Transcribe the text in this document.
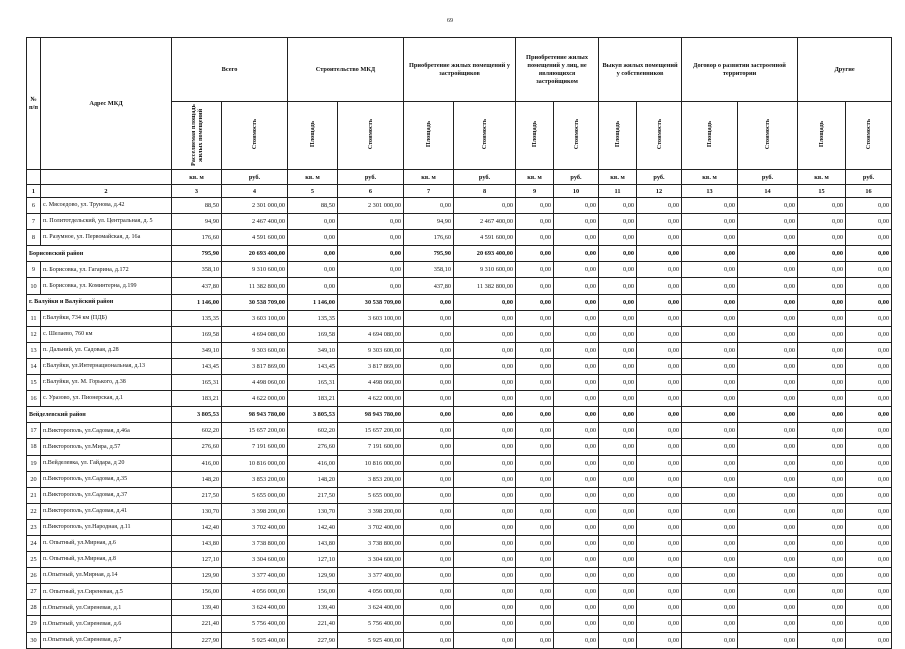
69
№ п/п	Адрес МКД	Всего		Строительство МКД		Приобретение жилых помещений у застройщиков		Приобретение жилых помещений у лиц, не являющихся застройщиком		Выкуп жилых помещений у собственников		Договор о развитии застроенной территории		Другие	
		Расселяемая площадь жилых помещений	Стоимость	Площадь	Стоимость	Площадь	Стоимость	Площадь	Стоимость	Площадь	Стоимость	Площадь	Стоимость	Площадь	Стоимость
		кв. м	руб.	кв. м	руб.	кв. м	руб.	кв. м	руб.	кв. м	руб.	кв. м	руб.	кв. м	руб.
1	2	3	4	5	6	7	8	9	10	11	12	13	14	15	16
6	с. Мясоедово, ул. Трунова, д.42	88,50	2 301 000,00	88,50	2 301 000,00	0,00	0,00	0,00	0,00	0,00	0,00	0,00	0,00	0,00	0,00
7	п. Политотдельский, ул. Центральная, д. 5	94,90	2 467 400,00	0,00	0,00	94,90	2 467 400,00	0,00	0,00	0,00	0,00	0,00	0,00	0,00	0,00
8	п. Разумное, ул. Первомайская, д. 16а	176,60	4 591 600,00	0,00	0,00	176,60	4 591 600,00	0,00	0,00	0,00	0,00	0,00	0,00	0,00	0,00
Борисовский район		795,90	20 693 400,00	0,00	0,00	795,90	20 693 400,00	0,00	0,00	0,00	0,00	0,00	0,00	0,00	0,00
9	п. Борисовка, ул. Гагарина, д.172	358,10	9 310 600,00	0,00	0,00	358,10	9 310 600,00	0,00	0,00	0,00	0,00	0,00	0,00	0,00	0,00
10	п. Борисовка, ул. Коминтерна, д.199	437,80	11 382 800,00	0,00	0,00	437,80	11 382 800,00	0,00	0,00	0,00	0,00	0,00	0,00	0,00	0,00
г. Валуйки и Валуйский район		1 146,00	30 538 709,00	1 146,00	30 538 709,00	0,00	0,00	0,00	0,00	0,00	0,00	0,00	0,00	0,00	0,00
11	г.Валуйки, 734 км (ПДБ)	135,35	3 603 100,00	135,35	3 603 100,00	0,00	0,00	0,00	0,00	0,00	0,00	0,00	0,00	0,00	0,00
12	с. Шелаево, 760 км	169,58	4 694 080,00	169,58	4 694 080,00	0,00	0,00	0,00	0,00	0,00	0,00	0,00	0,00	0,00	0,00
13	п. Дальний, ул. Садовая, д.28	349,10	9 303 600,00	349,10	9 303 600,00	0,00	0,00	0,00	0,00	0,00	0,00	0,00	0,00	0,00	0,00
14	г.Валуйки, ул.Интернациональная, д.13	143,45	3 817 869,00	143,45	3 817 869,00	0,00	0,00	0,00	0,00	0,00	0,00	0,00	0,00	0,00	0,00
15	г.Валуйки, ул. М. Горького, д.38	165,31	4 498 060,00	165,31	4 498 060,00	0,00	0,00	0,00	0,00	0,00	0,00	0,00	0,00	0,00	0,00
16	с. Уразово, ул. Пионерская, д.1	183,21	4 622 000,00	183,21	4 622 000,00	0,00	0,00	0,00	0,00	0,00	0,00	0,00	0,00	0,00	0,00
Вейделевский район		3 805,53	98 943 780,00	3 805,53	98 943 780,00	0,00	0,00	0,00	0,00	0,00	0,00	0,00	0,00	0,00	0,00
17	п.Викторополь, ул.Садовая, д.46а	602,20	15 657 200,00	602,20	15 657 200,00	0,00	0,00	0,00	0,00	0,00	0,00	0,00	0,00	0,00	0,00
18	п.Викторополь, ул.Мира, д.57	276,60	7 191 600,00	276,60	7 191 600,00	0,00	0,00	0,00	0,00	0,00	0,00	0,00	0,00	0,00	0,00
19	п.Вейделевка, ул. Гайдара, д 20	416,00	10 816 000,00	416,00	10 816 000,00	0,00	0,00	0,00	0,00	0,00	0,00	0,00	0,00	0,00	0,00
20	п.Викторополь, ул.Садовая, д.35	148,20	3 853 200,00	148,20	3 853 200,00	0,00	0,00	0,00	0,00	0,00	0,00	0,00	0,00	0,00	0,00
21	п.Викторополь, ул.Садовая, д.37	217,50	5 655 000,00	217,50	5 655 000,00	0,00	0,00	0,00	0,00	0,00	0,00	0,00	0,00	0,00	0,00
22	п.Викторополь, ул.Садовая, д.41	130,70	3 398 200,00	130,70	3 398 200,00	0,00	0,00	0,00	0,00	0,00	0,00	0,00	0,00	0,00	0,00
23	п.Викторополь, ул.Народная, д.11	142,40	3 702 400,00	142,40	3 702 400,00	0,00	0,00	0,00	0,00	0,00	0,00	0,00	0,00	0,00	0,00
24	п. Опытный, ул.Мирная, д.6	143,80	3 738 800,00	143,80	3 738 800,00	0,00	0,00	0,00	0,00	0,00	0,00	0,00	0,00	0,00	0,00
25	п. Опытный, ул.Мирная, д.8	127,10	3 304 600,00	127,10	3 304 600,00	0,00	0,00	0,00	0,00	0,00	0,00	0,00	0,00	0,00	0,00
26	п.Опытный, ул.Мирная, д.14	129,90	3 377 400,00	129,90	3 377 400,00	0,00	0,00	0,00	0,00	0,00	0,00	0,00	0,00	0,00	0,00
27	п. Опытный, ул.Сиреневая, д.5	156,00	4 056 000,00	156,00	4 056 000,00	0,00	0,00	0,00	0,00	0,00	0,00	0,00	0,00	0,00	0,00
28	п.Опытный, ул.Сиреневая, д.1	139,40	3 624 400,00	139,40	3 624 400,00	0,00	0,00	0,00	0,00	0,00	0,00	0,00	0,00	0,00	0,00
29	п.Опытный, ул.Сиреневая, д.6	221,40	5 756 400,00	221,40	5 756 400,00	0,00	0,00	0,00	0,00	0,00	0,00	0,00	0,00	0,00	0,00
30	п.Опытный, ул.Сиреневая, д.7	227,90	5 925 400,00	227,90	5 925 400,00	0,00	0,00	0,00	0,00	0,00	0,00	0,00	0,00	0,00	0,00
